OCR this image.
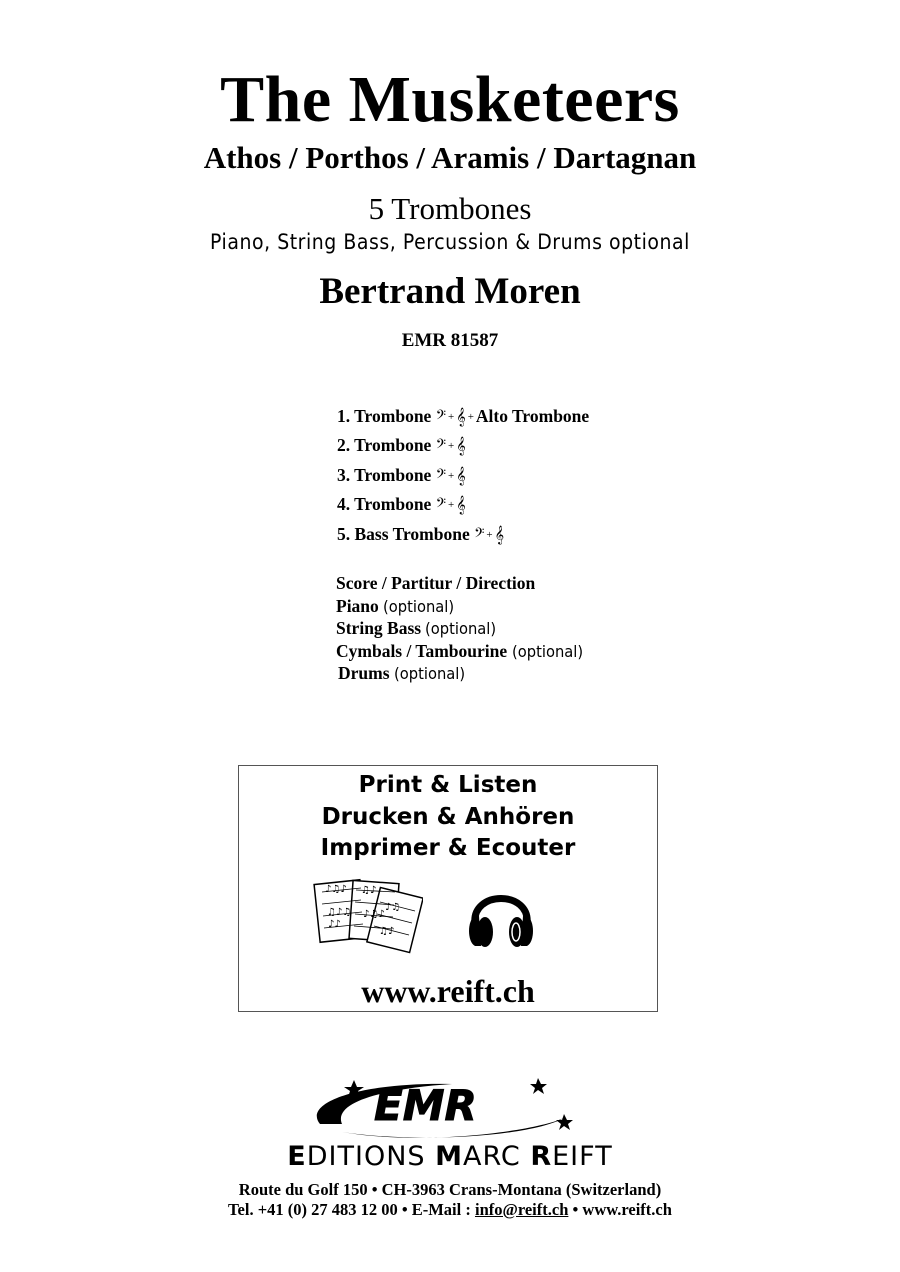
The Musketeers
Athos / Porthos / Aramis / Dartagnan
5 Trombones
Piano, String Bass, Percussion & Drums optional
Bertrand Moren
EMR 81587
1. Trombone 𝄢 + 𝄞 + Alto Trombone
2. Trombone 𝄢 + 𝄞
3. Trombone 𝄢 + 𝄞
4. Trombone 𝄢 + 𝄞
5. Bass Trombone 𝄢 + 𝄞
Score / Partitur / Direction
Piano (optional)
String Bass (optional)
Cymbals / Tambourine (optional)
Drums (optional)
Print & Listen
Drucken & Anhören
Imprimer & Ecouter
♪♫♪
♫♪♫
♪♪
♫♪
♪♫♪
♪♫
♫♪
www.reift.ch
EMR
EDITIONS MARC REIFT
Route du Golf 150 • CH-3963 Crans-Montana (Switzerland)
Tel. +41 (0) 27 483 12 00 • E-Mail : info@reift.ch • www.reift.ch
